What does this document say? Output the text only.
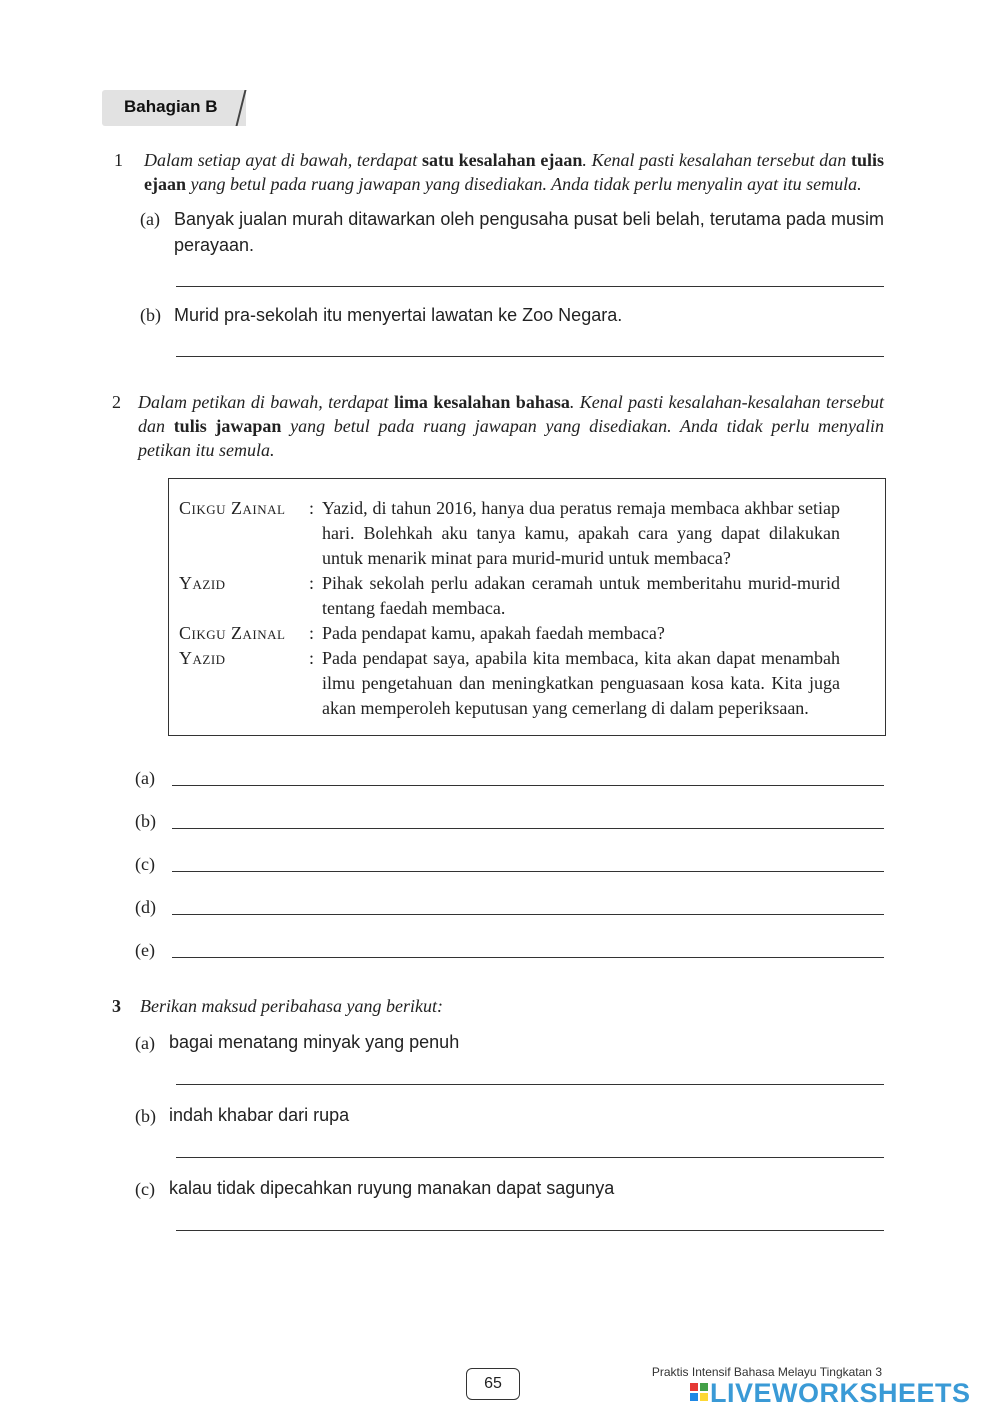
Bahagian B
1 Dalam setiap ayat di bawah, terdapat satu kesalahan ejaan. Kenal pasti kesalahan tersebut dan tulis ejaan yang betul pada ruang jawapan yang disediakan. Anda tidak perlu menyalin ayat itu semula.
(a) Banyak jualan murah ditawarkan oleh pengusaha pusat beli belah, terutama pada musim perayaan.
(b) Murid pra-sekolah itu menyertai lawatan ke Zoo Negara.
2 Dalam petikan di bawah, terdapat lima kesalahan bahasa. Kenal pasti kesalahan-kesalahan tersebut dan tulis jawapan yang betul pada ruang jawapan yang disediakan. Anda tidak perlu menyalin petikan itu semula.
Cikgu Zainal : Yazid, di tahun 2016, hanya dua peratus remaja membaca akhbar setiap hari. Bolehkah aku tanya kamu, apakah cara yang dapat dilakukan untuk menarik minat para murid-murid untuk membaca?
Yazid	: Pihak sekolah perlu adakan ceramah untuk memberitahu murid-murid tentang faedah membaca.
Cikgu Zainal : Pada pendapat kamu, apakah faedah membaca?
Yazid	: Pada pendapat saya, apabila kita membaca, kita akan dapat menambah ilmu pengetahuan dan meningkatkan penguasaan kosa kata. Kita juga akan memperoleh keputusan yang cemerlang di dalam peperiksaan.
(a)
(b)
(c)
(d)
(e)
3 Berikan maksud peribahasa yang berikut:
(a) bagai menatang minyak yang penuh
(b) indah khabar dari rupa
(c) kalau tidak dipecahkan ruyung manakan dapat sagunya
65
Praktis Intensif Bahasa Melayu Tingkatan 3
LIVEWORKSHEETS
